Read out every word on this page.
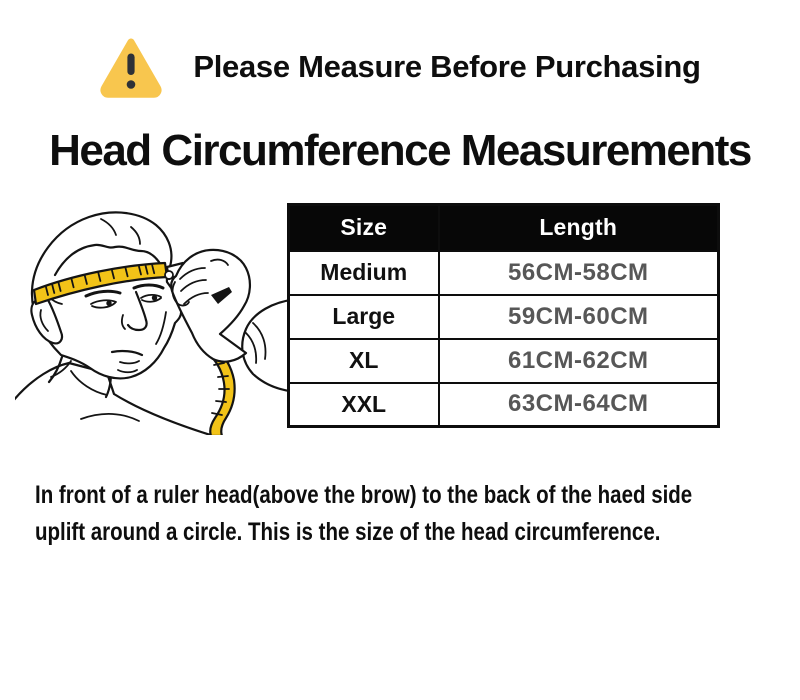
Please Measure Before Purchasing
Head Circumference Measurements
Size	Length
Medium	56CM-58CM
Large	59CM-60CM
XL	61CM-62CM
XXL	63CM-64CM

In front of a ruler head(above the brow) to the back of the haed side
uplift around a circle. This is the size of the head circumference.
